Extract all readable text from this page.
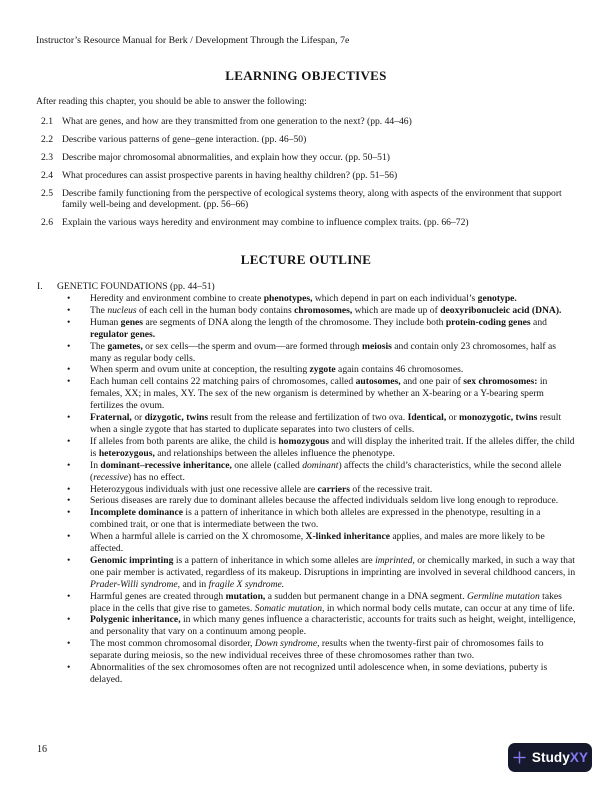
Instructor’s Resource Manual for Berk / Development Through the Lifespan, 7e
LEARNING OBJECTIVES

After reading this chapter, you should be able to answer the following:

2.1 What are genes, and how are they transmitted from one generation to the next? (pp. 44–46)
2.2 Describe various patterns of gene–gene interaction. (pp. 46–50)
2.3 Describe major chromosomal abnormalities, and explain how they occur. (pp. 50–51)
2.4 What procedures can assist prospective parents in having healthy children? (pp. 51–56)
2.5 Describe family functioning from the perspective of ecological systems theory, along with aspects of the environment that support family well-being and development. (pp. 56–66)
2.6 Explain the various ways heredity and environment may combine to influence complex traits. (pp. 66–72)
LECTURE OUTLINE
I.	GENETIC FOUNDATIONS (pp. 44–51)
• Heredity and environment combine to create phenotypes, which depend in part on each individual’s genotype.
• The nucleus of each cell in the human body contains chromosomes, which are made up of deoxyribonucleic acid (DNA).
• Human genes are segments of DNA along the length of the chromosome. They include both protein-coding genes and regulator genes.
• The gametes, or sex cells—the sperm and ovum—are formed through meiosis and contain only 23 chromosomes, half as many as regular body cells.
• When sperm and ovum unite at conception, the resulting zygote again contains 46 chromosomes.
• Each human cell contains 22 matching pairs of chromosomes, called autosomes, and one pair of sex chromosomes: in females, XX; in males, XY. The sex of the new organism is determined by whether an X-bearing or a Y-bearing sperm fertilizes the ovum.
• Fraternal, or dizygotic, twins result from the release and fertilization of two ova. Identical, or monozygotic, twins result when a single zygote that has started to duplicate separates into two clusters of cells.
• If alleles from both parents are alike, the child is homozygous and will display the inherited trait. If the alleles differ, the child is heterozygous, and relationships between the alleles influence the phenotype.
• In dominant–recessive inheritance, one allele (called dominant) affects the child’s characteristics, while the second allele (recessive) has no effect.
• Heterozygous individuals with just one recessive allele are carriers of the recessive trait.
• Serious diseases are rarely due to dominant alleles because the affected individuals seldom live long enough to reproduce.
• Incomplete dominance is a pattern of inheritance in which both alleles are expressed in the phenotype, resulting in a combined trait, or one that is intermediate between the two.
• When a harmful allele is carried on the X chromosome, X-linked inheritance applies, and males are more likely to be affected.
• Genomic imprinting is a pattern of inheritance in which some alleles are imprinted, or chemically marked, in such a way that one pair member is activated, regardless of its makeup. Disruptions in imprinting are involved in several childhood cancers, in Prader-Willi syndrome, and in fragile X syndrome.
• Harmful genes are created through mutation, a sudden but permanent change in a DNA segment. Germline mutation takes place in the cells that give rise to gametes. Somatic mutation, in which normal body cells mutate, can occur at any time of life.
• Polygenic inheritance, in which many genes influence a characteristic, accounts for traits such as height, weight, intelligence, and personality that vary on a continuum among people.
• The most common chromosomal disorder, Down syndrome, results when the twenty-first pair of chromosomes fails to separate during meiosis, so the new individual receives three of these chromosomes rather than two.
• Abnormalities of the sex chromosomes often are not recognized until adolescence when, in some deviations, puberty is delayed.
16
StudyXY
